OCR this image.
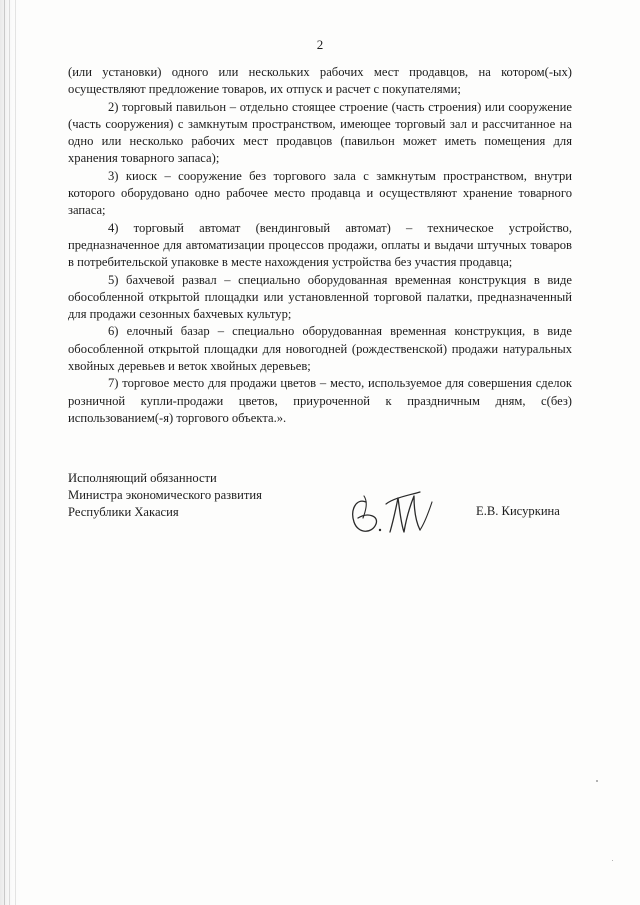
2

(или установки) одного или нескольких рабочих мест продавцов, на котором(-ых) осуществляют предложение товаров, их отпуск и расчет с покупателями;

2) торговый павильон – отдельно стоящее строение (часть строения) или сооружение (часть сооружения) с замкнутым пространством, имеющее торговый зал и рассчитанное на одно или несколько рабочих мест продавцов (павильон может иметь помещения для хранения товарного запаса);

3) киоск – сооружение без торгового зала с замкнутым пространством, внутри которого оборудовано одно рабочее место продавца и осуществляют хранение товарного запаса;

4) торговый автомат (вендинговый автомат) – техническое устройство, предназначенное для автоматизации процессов продажи, оплаты и выдачи штучных товаров в потребительской упаковке в месте нахождения устройства без участия продавца;

5) бахчевой развал – специально оборудованная временная конструкция в виде обособленной открытой площадки или установленной торговой палатки, предназначенный для продажи сезонных бахчевых культур;

6) елочный базар – специально оборудованная временная конструкция, в виде обособленной открытой площадки для новогодней (рождественской) продажи натуральных хвойных деревьев и веток хвойных деревьев;

7) торговое место для продажи цветов – место, используемое для совершения сделок розничной купли-продажи цветов, приуроченной к праздничным дням, с(без) использованием(-я) торгового объекта.».

Исполняющий обязанности
Министра экономического развития
Республики Хакасия	Е.В. Кисуркина
